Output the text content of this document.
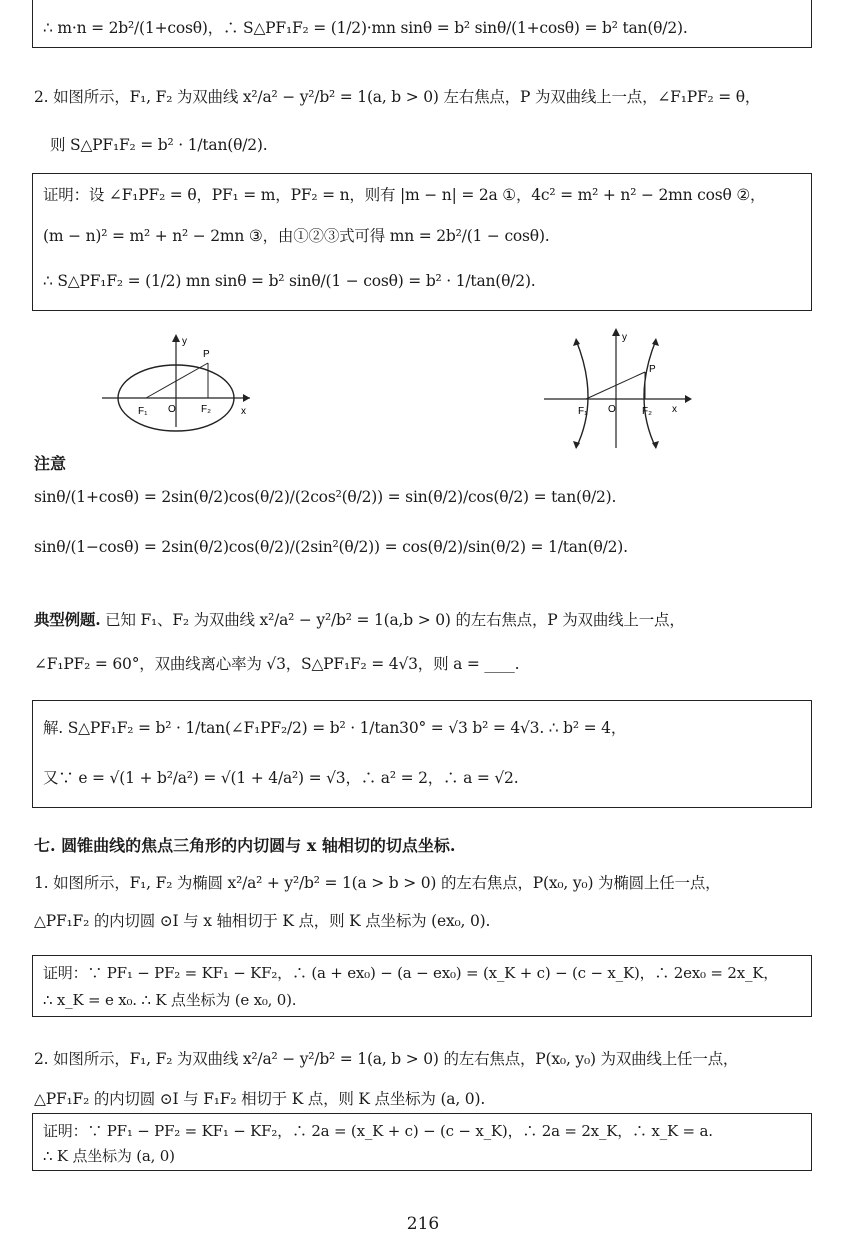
∴ m·n = 2b²/(1+cosθ)，∴ S△PF₁F₂ = (1/2)·mn sinθ = b² sinθ/(1+cosθ) = b² tan(θ/2).
2. 如图所示，F₁, F₂ 为双曲线 x²/a² − y²/b² = 1(a, b > 0) 左右焦点，P 为双曲线上一点，∠F₁PF₂ = θ，
则 S△PF₁F₂ = b² · 1/tan(θ/2).
证明：设 ∠F₁PF₂ = θ，PF₁ = m，PF₂ = n，则有 |m − n| = 2a ①，4c² = m² + n² − 2mn cosθ ②，
(m − n)² = m² + n² − 2mn ③，由①②③式可得 mn = 2b²/(1 − cosθ).
∴ S△PF₁F₂ = (1/2) mn sinθ = b² sinθ/(1 − cosθ) = b² · 1/tan(θ/2).
y
P
F₁ O	F₂	x
y
P
F₁ O	F₂ x
注意
sinθ/(1+cosθ) = 2sin(θ/2)cos(θ/2)/(2cos²(θ/2)) = sin(θ/2)/cos(θ/2) = tan(θ/2).
sinθ/(1−cosθ) = 2sin(θ/2)cos(θ/2)/(2sin²(θ/2)) = cos(θ/2)/sin(θ/2) = 1/tan(θ/2).
典型例题. 已知 F₁、F₂ 为双曲线 x²/a² − y²/b² = 1(a,b > 0) 的左右焦点，P 为双曲线上一点，
∠F₁PF₂ = 60°，双曲线离心率为 √3，S△PF₁F₂ = 4√3，则 a = ____.
解. S△PF₁F₂ = b² · 1/tan(∠F₁PF₂/2) = b² · 1/tan30° = √3 b² = 4√3. ∴ b² = 4，
又∵ e = √(1 + b²/a²) = √(1 + 4/a²) = √3，∴ a² = 2，∴ a = √2.
七. 圆锥曲线的焦点三角形的内切圆与 x 轴相切的切点坐标.
1. 如图所示，F₁, F₂ 为椭圆 x²/a² + y²/b² = 1(a > b > 0) 的左右焦点，P(x₀, y₀) 为椭圆上任一点，
△PF₁F₂ 的内切圆 ⊙I 与 x 轴相切于 K 点，则 K 点坐标为 (ex₀, 0).
证明：∵ PF₁ − PF₂ = KF₁ − KF₂，∴ (a + ex₀) − (a − ex₀) = (x_K + c) − (c − x_K)，∴ 2ex₀ = 2x_K，
∴ x_K = e x₀. ∴ K 点坐标为 (e x₀, 0).
2. 如图所示，F₁, F₂ 为双曲线 x²/a² − y²/b² = 1(a, b > 0) 的左右焦点，P(x₀, y₀) 为双曲线上任一点，
△PF₁F₂ 的内切圆 ⊙I 与 F₁F₂ 相切于 K 点，则 K 点坐标为 (a, 0).
证明：∵ PF₁ − PF₂ = KF₁ − KF₂，∴ 2a = (x_K + c) − (c − x_K)，∴ 2a = 2x_K，∴ x_K = a.
∴ K 点坐标为 (a, 0)
216
